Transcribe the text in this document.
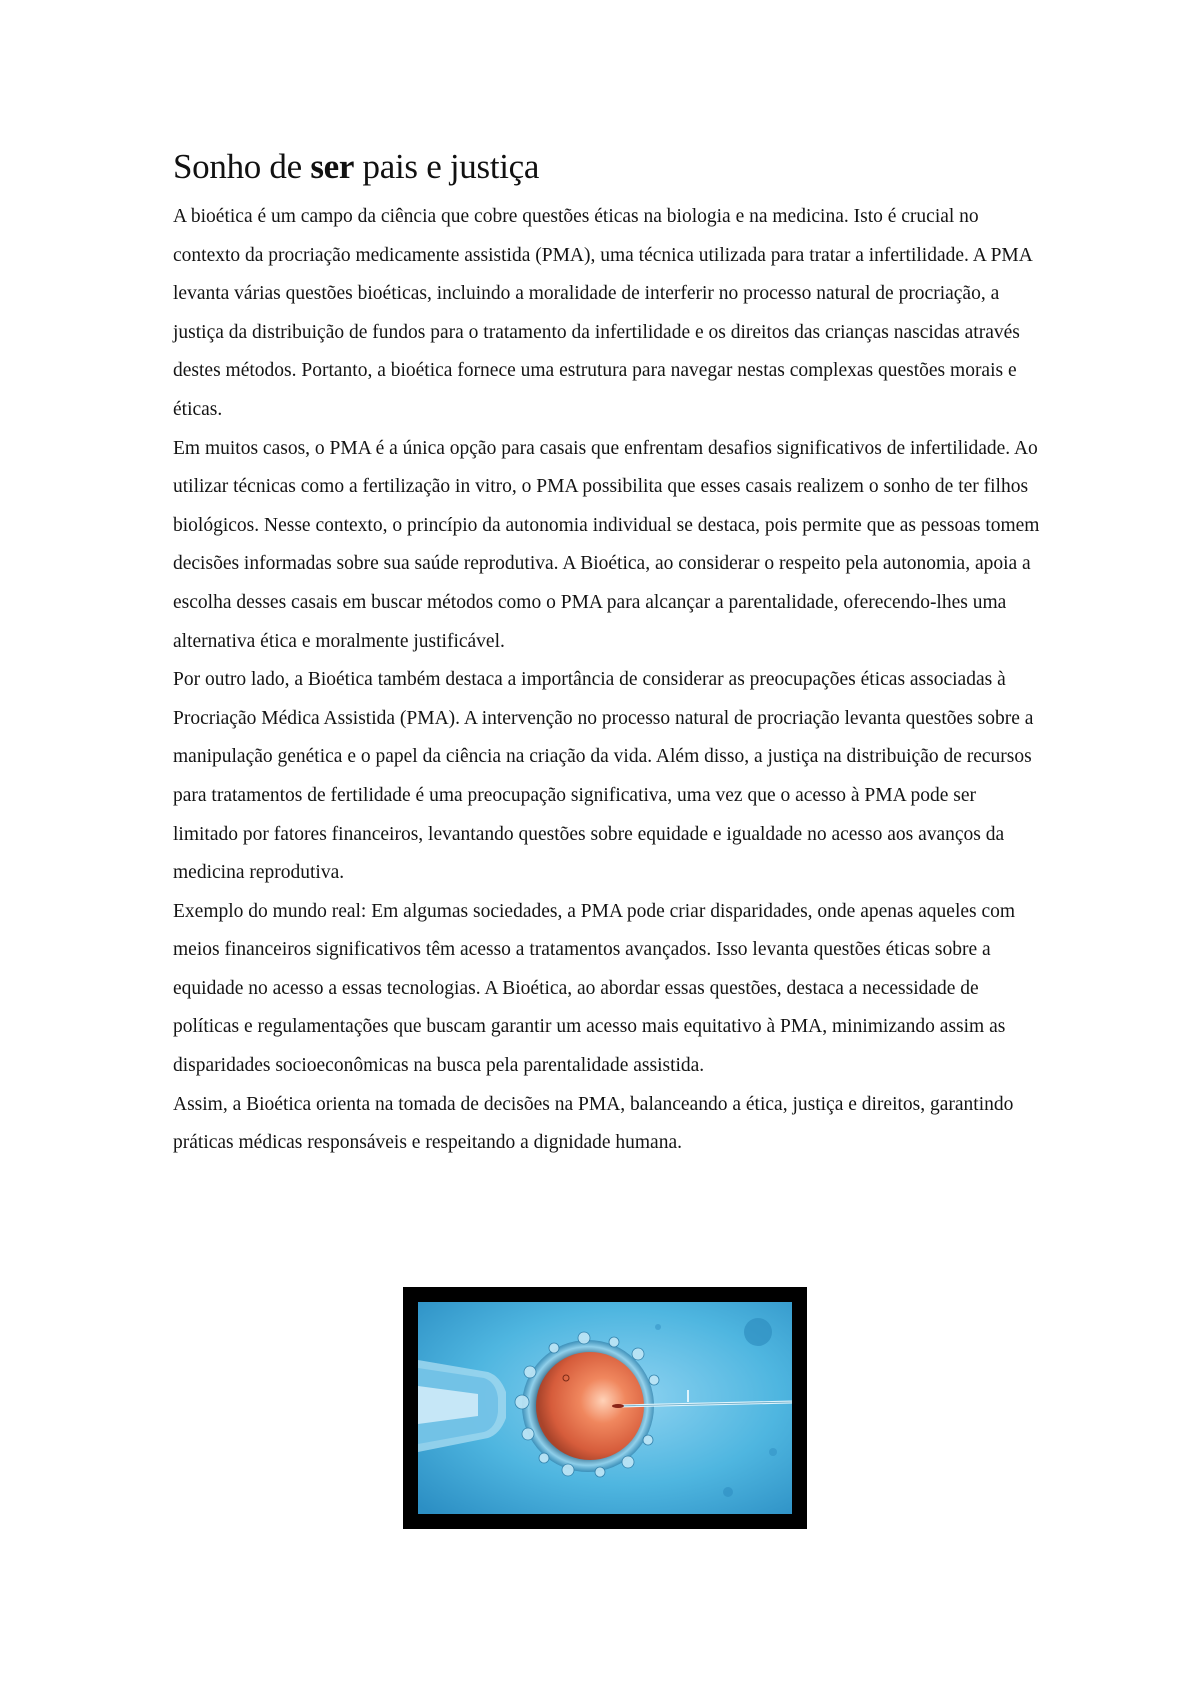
Sonho de ser pais e justiça

A bioética é um campo da ciência que cobre questões éticas na biologia e na medicina. Isto é crucial no contexto da procriação medicamente assistida (PMA), uma técnica utilizada para tratar a infertilidade. A PMA levanta várias questões bioéticas, incluindo a moralidade de interferir no processo natural de procriação, a justiça da distribuição de fundos para o tratamento da infertilidade e os direitos das crianças nascidas através destes métodos. Portanto, a bioética fornece uma estrutura para navegar nestas complexas questões morais e éticas.

Em muitos casos, o PMA é a única opção para casais que enfrentam desafios significativos de infertilidade. Ao utilizar técnicas como a fertilização in vitro, o PMA possibilita que esses casais realizem o sonho de ter filhos biológicos. Nesse contexto, o princípio da autonomia individual se destaca, pois permite que as pessoas tomem decisões informadas sobre sua saúde reprodutiva. A Bioética, ao considerar o respeito pela autonomia, apoia a escolha desses casais em buscar métodos como o PMA para alcançar a parentalidade, oferecendo-lhes uma alternativa ética e moralmente justificável.

Por outro lado, a Bioética também destaca a importância de considerar as preocupações éticas associadas à Procriação Médica Assistida (PMA). A intervenção no processo natural de procriação levanta questões sobre a manipulação genética e o papel da ciência na criação da vida. Além disso, a justiça na distribuição de recursos para tratamentos de fertilidade é uma preocupação significativa, uma vez que o acesso à PMA pode ser limitado por fatores financeiros, levantando questões sobre equidade e igualdade no acesso aos avanços da medicina reprodutiva.

Exemplo do mundo real: Em algumas sociedades, a PMA pode criar disparidades, onde apenas aqueles com meios financeiros significativos têm acesso a tratamentos avançados. Isso levanta questões éticas sobre a equidade no acesso a essas tecnologias. A Bioética, ao abordar essas questões, destaca a necessidade de políticas e regulamentações que buscam garantir um acesso mais equitativo à PMA, minimizando assim as disparidades socioeconômicas na busca pela parentalidade assistida.

Assim, a Bioética orienta na tomada de decisões na PMA, balanceando a ética, justiça e direitos, garantindo práticas médicas responsáveis e respeitando a dignidade humana.
